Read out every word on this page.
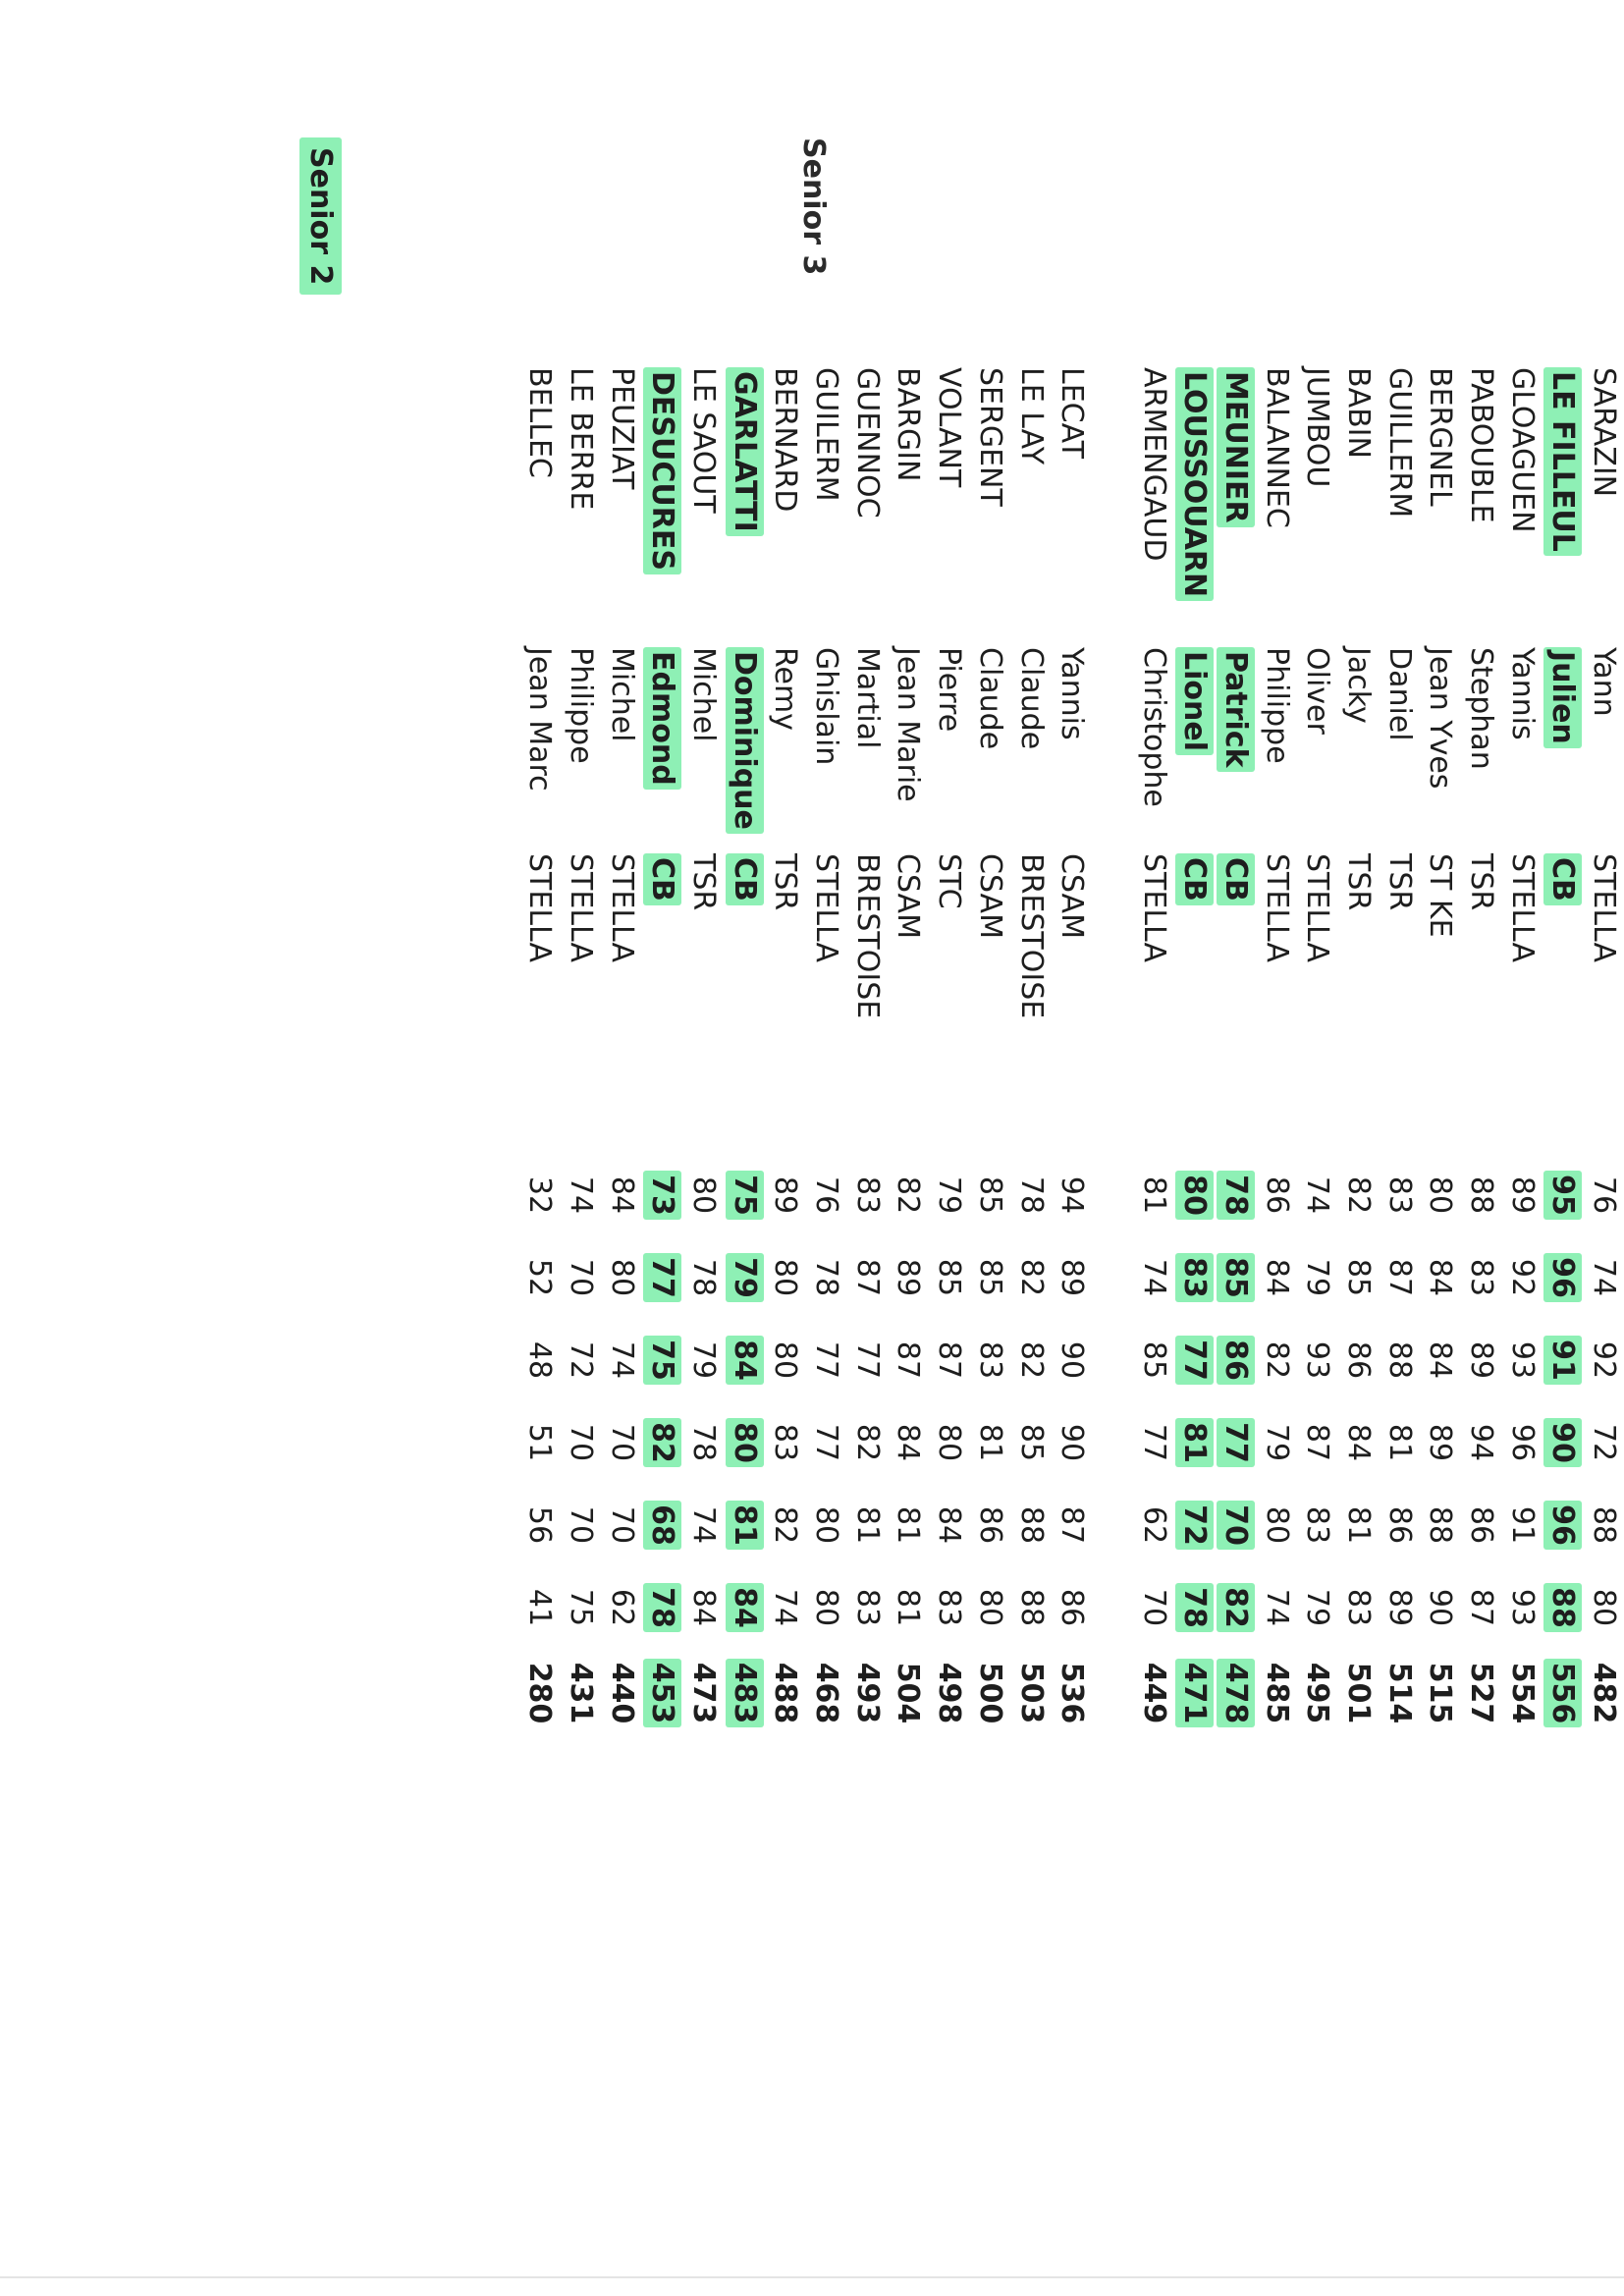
Senior 2	Senior 3
SARAZIN	Yann	STELLA	76	74	92	72	88	80	482
LE FILLEUL	Julien	CB	95	96	91	90	96	88	556
GLOAGUEN	Yannis	STELLA	89	92	93	96	91	93	554
PABOUBLE	Stephan	TSR	88	83	89	94	86	87	527
BERGNEL	Jean Yves	ST KE	80	84	84	89	88	90	515
GUILLERM	Daniel	TSR	83	87	88	81	86	89	514
BABIN	Jacky	TSR	82	85	86	84	81	83	501
JUMBOU	Oliver	STELLA	74	79	93	87	83	79	495
BALANNEC	Philippe	STELLA	86	84	82	79	80	74	485
MEUNIER	Patrick	CB	78	85	86	77	70	82	478
LOUSSOUARN	Lionel	CB	80	83	77	81	72	78	471
ARMENGAUD	Christophe	STELLA	81	74	85	77	62	70	449

LECAT	Yannis	CSAM	94	89	90	90	87	86	536
LE LAY	Claude	BRESTOISE	78	82	82	85	88	88	503
SERGENT	Claude	CSAM	85	85	83	81	86	80	500
VOLANT	Pierre	STC	79	85	87	80	84	83	498
BARGIN	Jean Marie	CSAM	82	89	87	84	81	81	504
GUENNOC	Martial	BRESTOISE	83	87	77	82	81	83	493
GUILERM	Ghislain	STELLA	76	78	77	77	80	80	468
BERNARD	Remy	TSR	89	80	80	83	82	74	488
GARLATTI	Dominique	CB	75	79	84	80	81	84	483
LE SAOUT	Michel	TSR	80	78	79	78	74	84	473
DESUCURES	Edmond	CB	73	77	75	82	68	78	453
PEUZIAT	Michel	STELLA	84	80	74	70	70	62	440
LE BERRE	Philippe	STELLA	74	70	72	70	70	75	431
BELLEC	Jean Marc	STELLA	32	52	48	51	56	41	280
